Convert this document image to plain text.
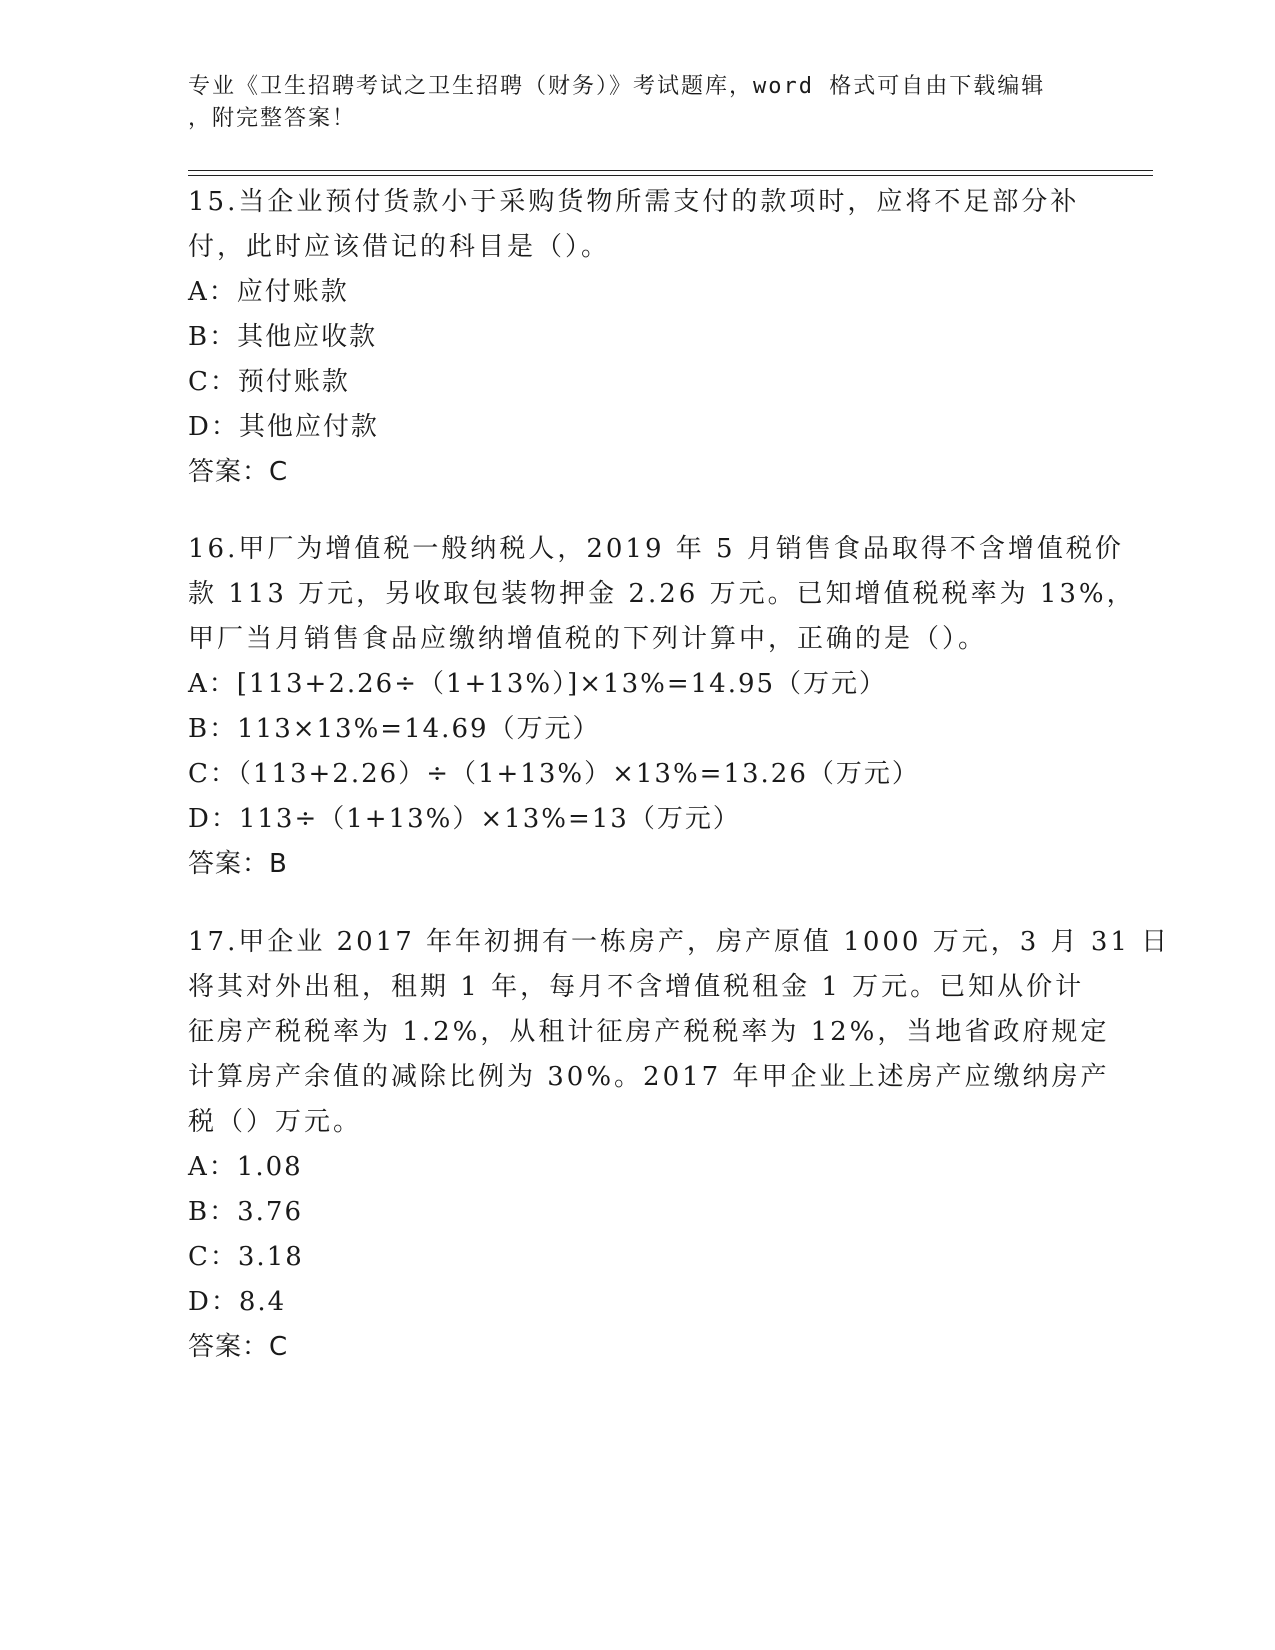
专业《卫生招聘考试之卫生招聘（财务）》考试题库，word 格式可自由下载编辑
，附完整答案！
15.当企业预付货款小于采购货物所需支付的款项时，应将不足部分补
付，此时应该借记的科目是（）。
A：应付账款
B：其他应收款
C：预付账款
D：其他应付款
答案：C
16.甲厂为增值税一般纳税人，2019 年 5 月销售食品取得不含增值税价
款 113 万元，另收取包装物押金 2.26 万元。已知增值税税率为 13%，
甲厂当月销售食品应缴纳增值税的下列计算中，正确的是（）。
A：[113+2.26÷（1+13%）]×13%=14.95（万元）
B：113×13%=14.69（万元）
C：（113+2.26）÷（1+13%）×13%=13.26（万元）
D：113÷（1+13%）×13%=13（万元）
答案：B
17.甲企业 2017 年年初拥有一栋房产，房产原值 1000 万元，3 月 31 日
将其对外出租，租期 1 年，每月不含增值税租金 1 万元。已知从价计
征房产税税率为 1.2%，从租计征房产税税率为 12%，当地省政府规定
计算房产余值的减除比例为 30%。2017 年甲企业上述房产应缴纳房产
税（）万元。
A：1.08
B：3.76
C：3.18
D：8.4
答案：C
